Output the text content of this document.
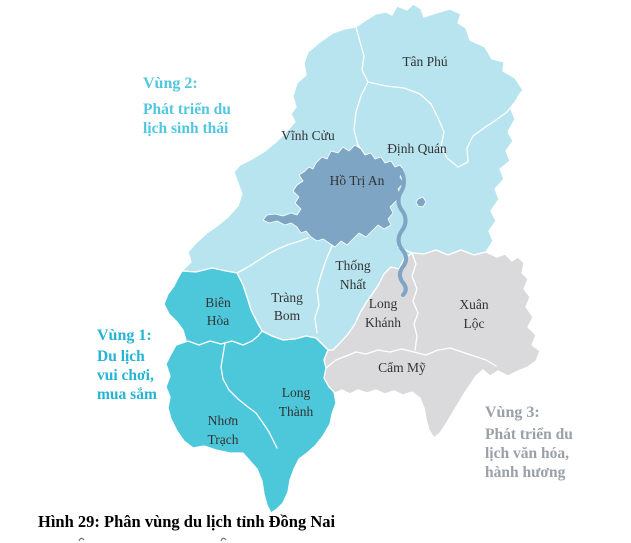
Tân Phú
Vĩnh Cửu
Định Quán
Thống
Nhất
Tràng
Bom
Biên
Hòa
Long
Thành
Nhơn
Trạch
Long
Khánh
Xuân
Lộc
Cẩm Mỹ
Hồ Trị An
Vùng 2:
Phát triển du
lịch sinh thái
Vùng 1:
Du lịch
vui chơi,
mua sắm
Vùng 3:
Phát triển du
lịch văn hóa,
hành hương
Hình 29: Phân vùng du lịch tỉnh Đồng Nai
